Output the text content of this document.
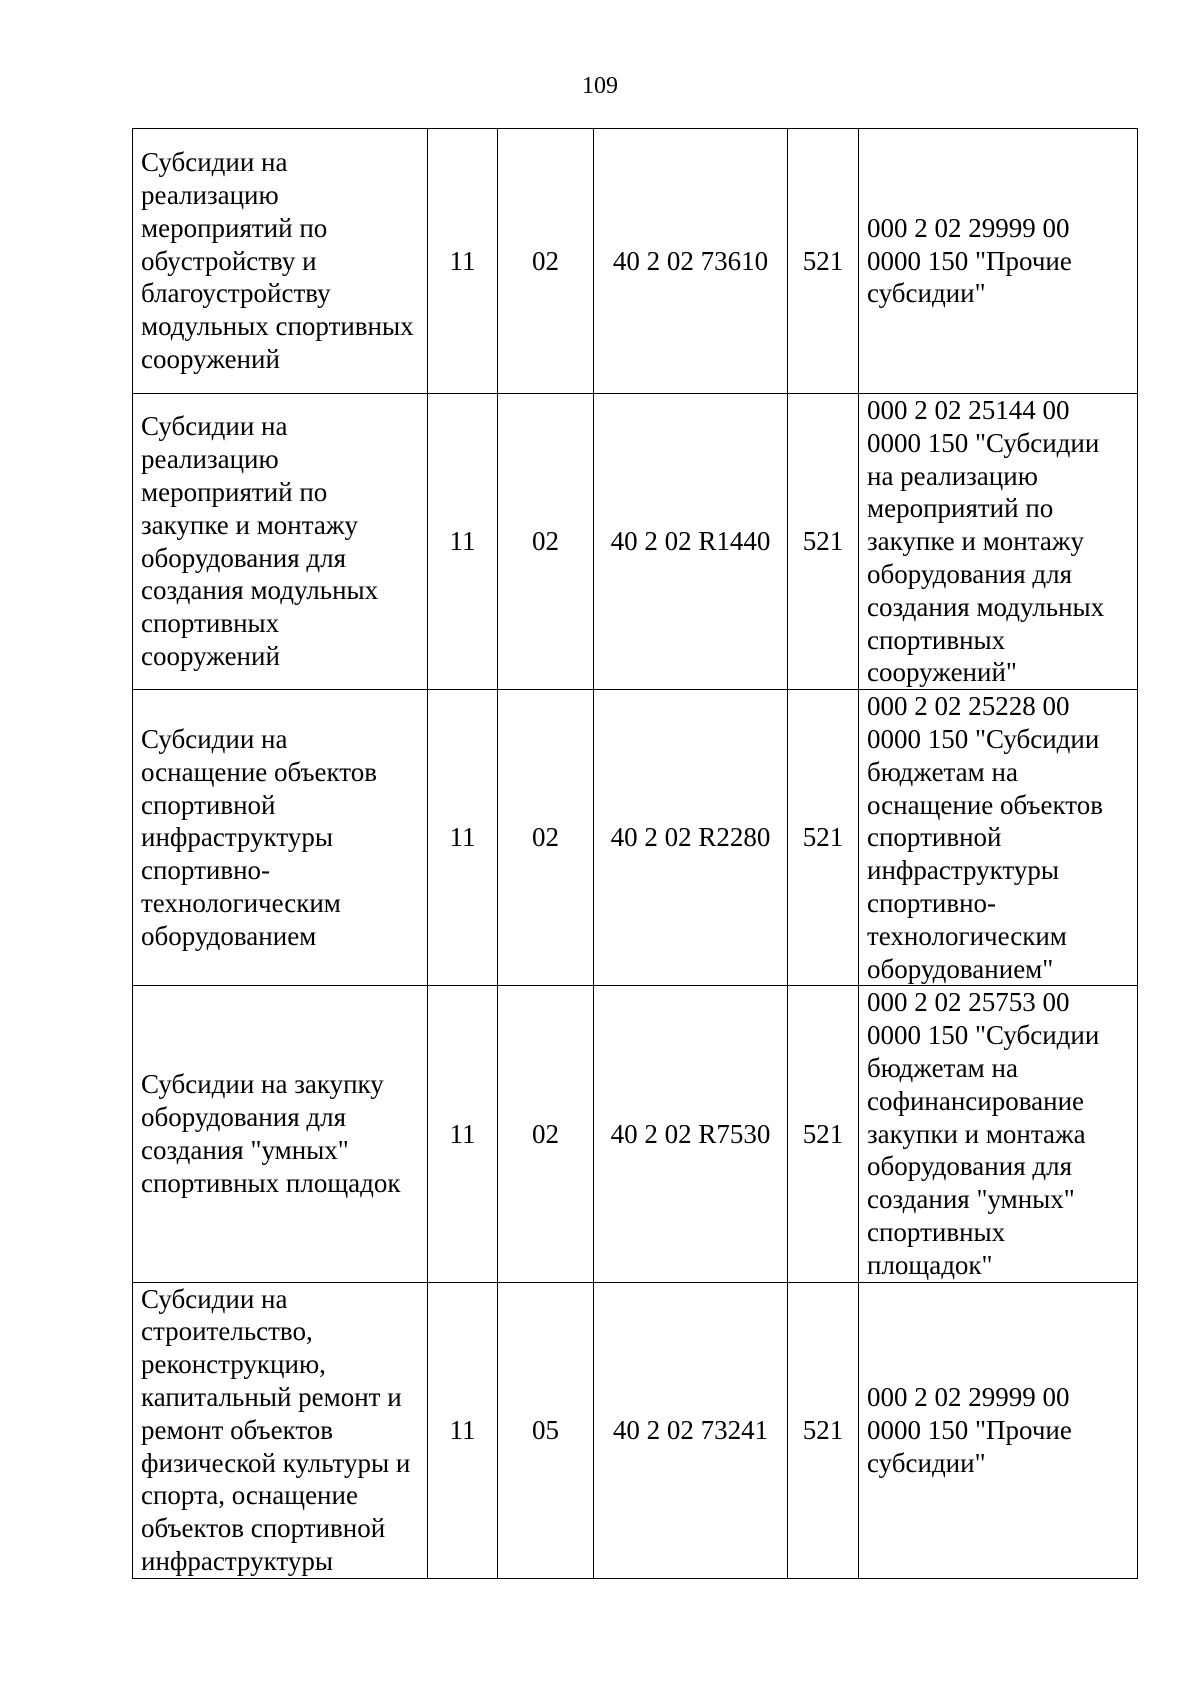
109
Субсидии на реализацию мероприятий по обустройству и благоустройству модульных спортивных сооружений	11	02	40 2 02 73610	521	000 2 02 29999 00 0000 150 "Прочие субсидии"

Субсидии на реализацию мероприятий по закупке и монтажу оборудования для создания модульных спортивных сооружений	11	02	40 2 02 R1440	521	000 2 02 25144 00 0000 150 "Субсидии на реализацию мероприятий по закупке и монтажу оборудования для создания модульных спортивных сооружений"

Субсидии на оснащение объектов спортивной инфраструктуры спортивно-технологическим оборудованием	11	02	40 2 02 R2280	521	000 2 02 25228 00 0000 150 "Субсидии бюджетам на оснащение объектов спортивной инфраструктуры спортивно-технологическим оборудованием"

Субсидии на закупку оборудования для создания "умных" спортивных площадок	11	02	40 2 02 R7530	521	000 2 02 25753 00 0000 150 "Субсидии бюджетам на софинансирование закупки и монтажа оборудования для создания "умных" спортивных площадок"

Субсидии на строительство, реконструкцию, капитальный ремонт и ремонт объектов физической культуры и спорта, оснащение объектов спортивной инфраструктуры	11	05	40 2 02 73241	521	000 2 02 29999 00 0000 150 "Прочие субсидии"
